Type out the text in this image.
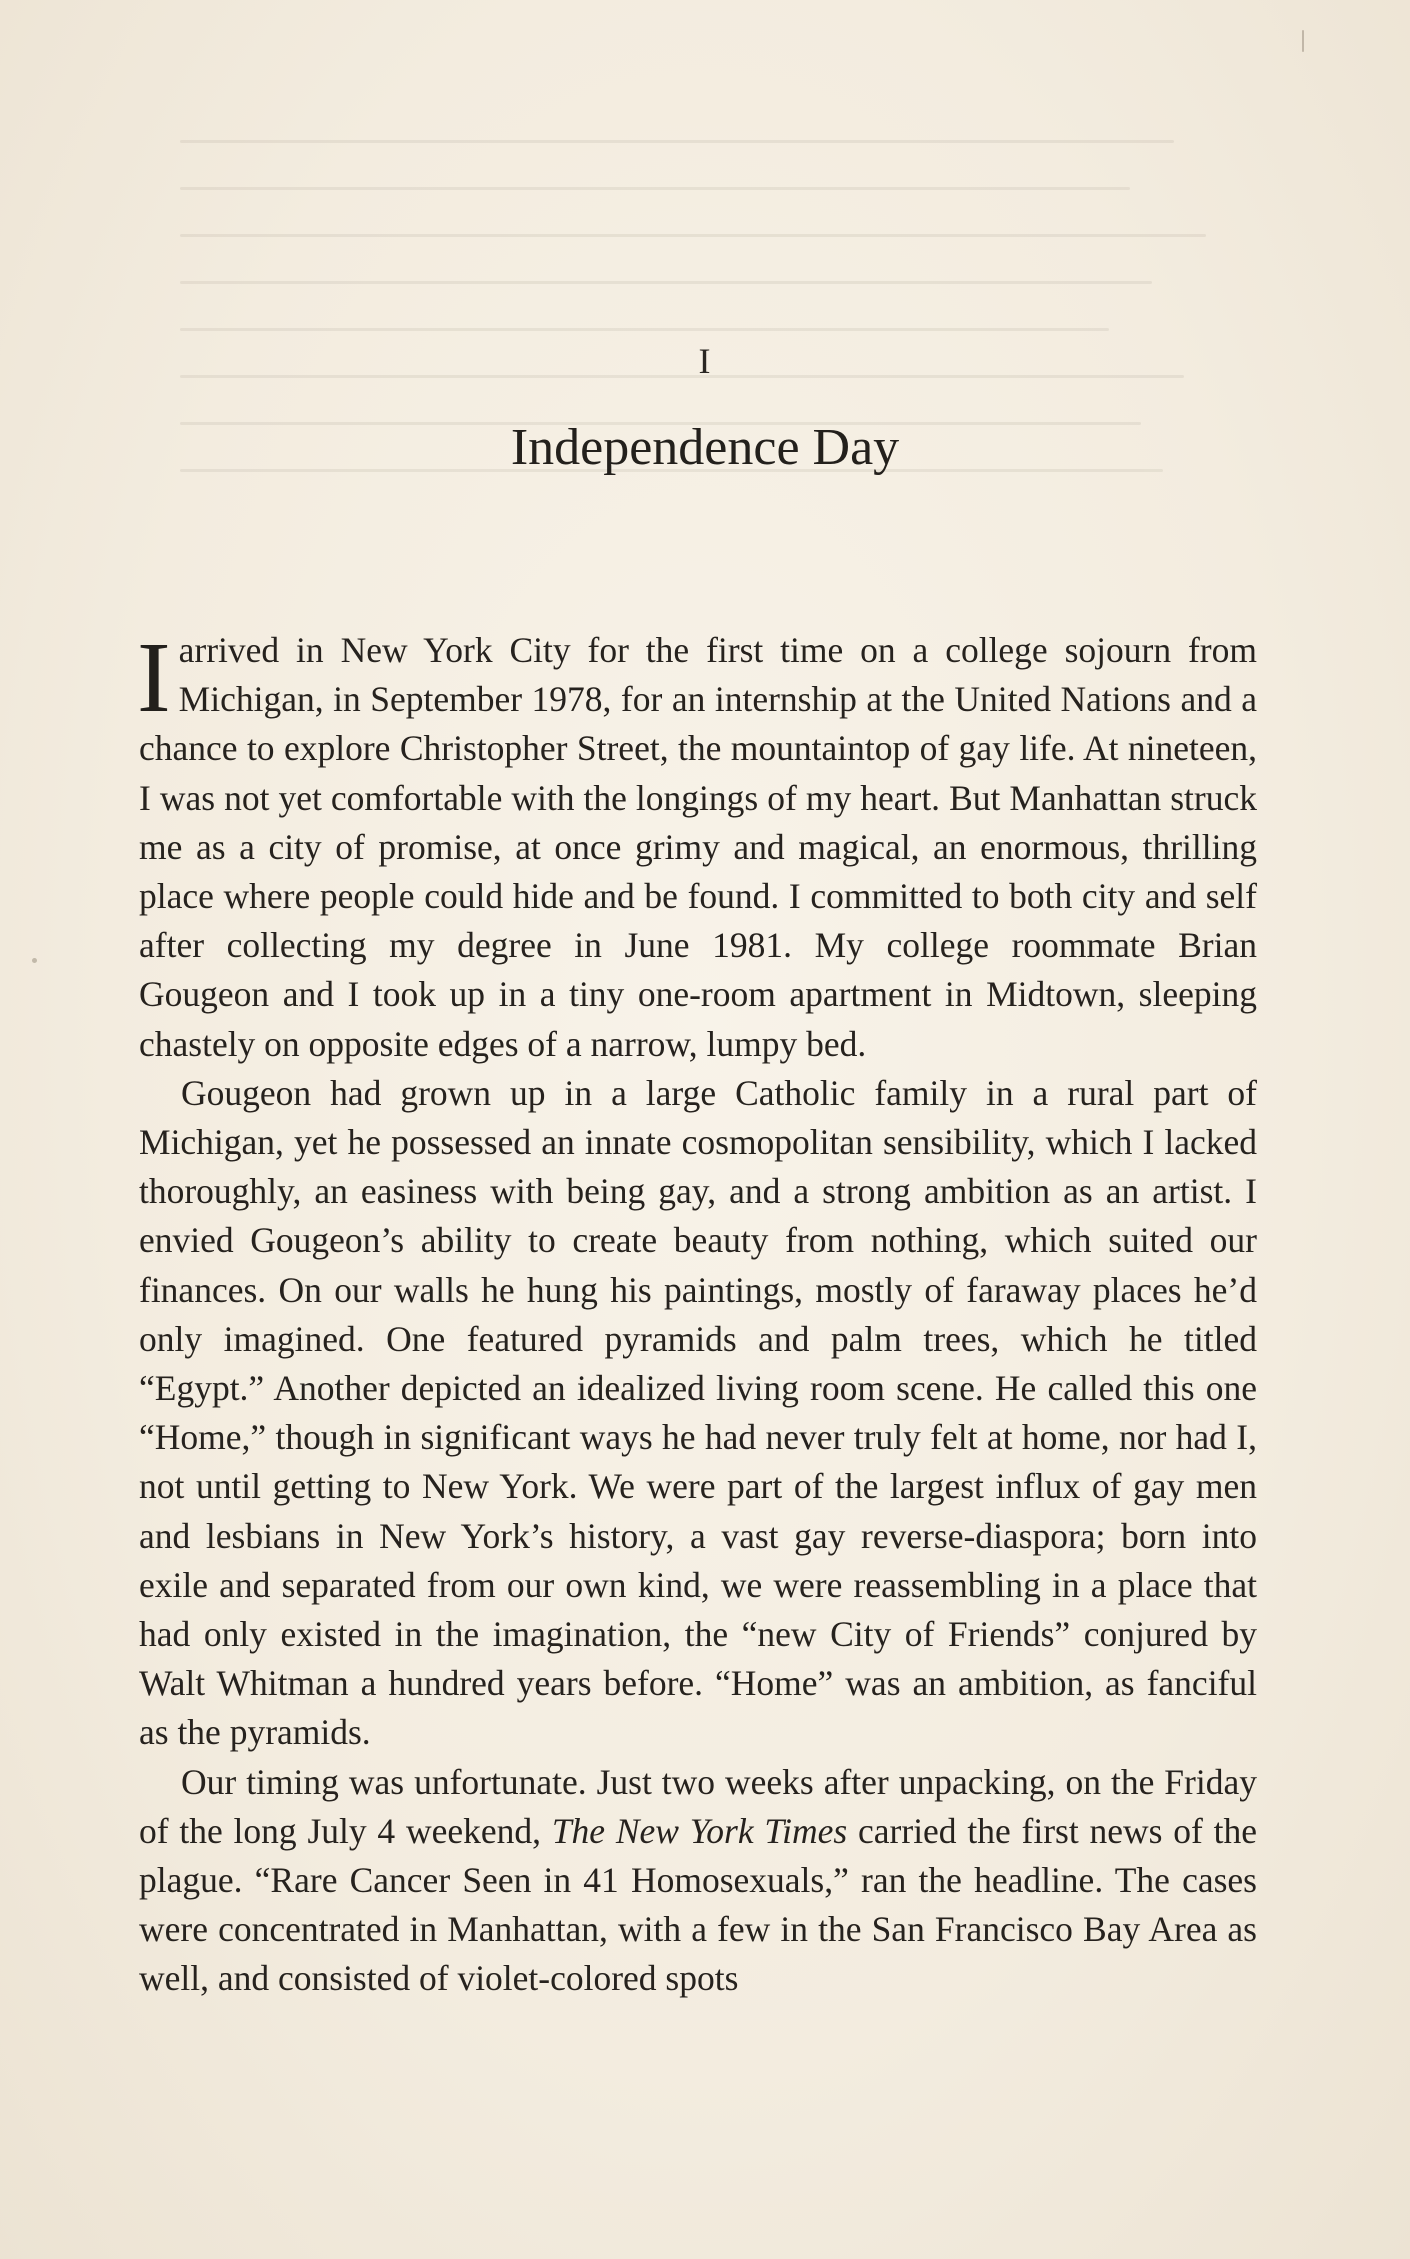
I
Independence Day

Iarrived in New York City for the first time on a college sojourn from Michigan, in September 1978, for an internship at the United Nations and a chance to explore Christopher Street, the mountaintop of gay life. At nineteen, I was not yet comfortable with the longings of my heart. But Manhattan struck me as a city of promise, at once grimy and magical, an enormous, thrilling place where people could hide and be found. I committed to both city and self after collecting my degree in June 1981. My college roommate Brian Gougeon and I took up in a tiny one-room apartment in Midtown, sleeping chastely on opposite edges of a narrow, lumpy bed.

Gougeon had grown up in a large Catholic family in a rural part of Michigan, yet he possessed an innate cosmopolitan sensibility, which I lacked thoroughly, an easiness with being gay, and a strong ambition as an artist. I envied Gougeon’s ability to create beauty from nothing, which suited our finances. On our walls he hung his paintings, mostly of faraway places he’d only imagined. One featured pyramids and palm trees, which he titled “Egypt.” Another depicted an idealized living room scene. He called this one “Home,” though in significant ways he had never truly felt at home, nor had I, not until getting to New York. We were part of the largest influx of gay men and lesbians in New York’s history, a vast gay reverse-diaspora; born into exile and separated from our own kind, we were reassembling in a place that had only existed in the imagination, the “new City of Friends” conjured by Walt Whitman a hundred years before. “Home” was an ambition, as fanciful as the pyramids.

Our timing was unfortunate. Just two weeks after unpacking, on the Friday of the long July 4 weekend, The New York Times carried the first news of the plague. “Rare Cancer Seen in 41 Homosexuals,” ran the headline. The cases were concentrated in Manhattan, with a few in the San Francisco Bay Area as well, and consisted of violet-colored spots
